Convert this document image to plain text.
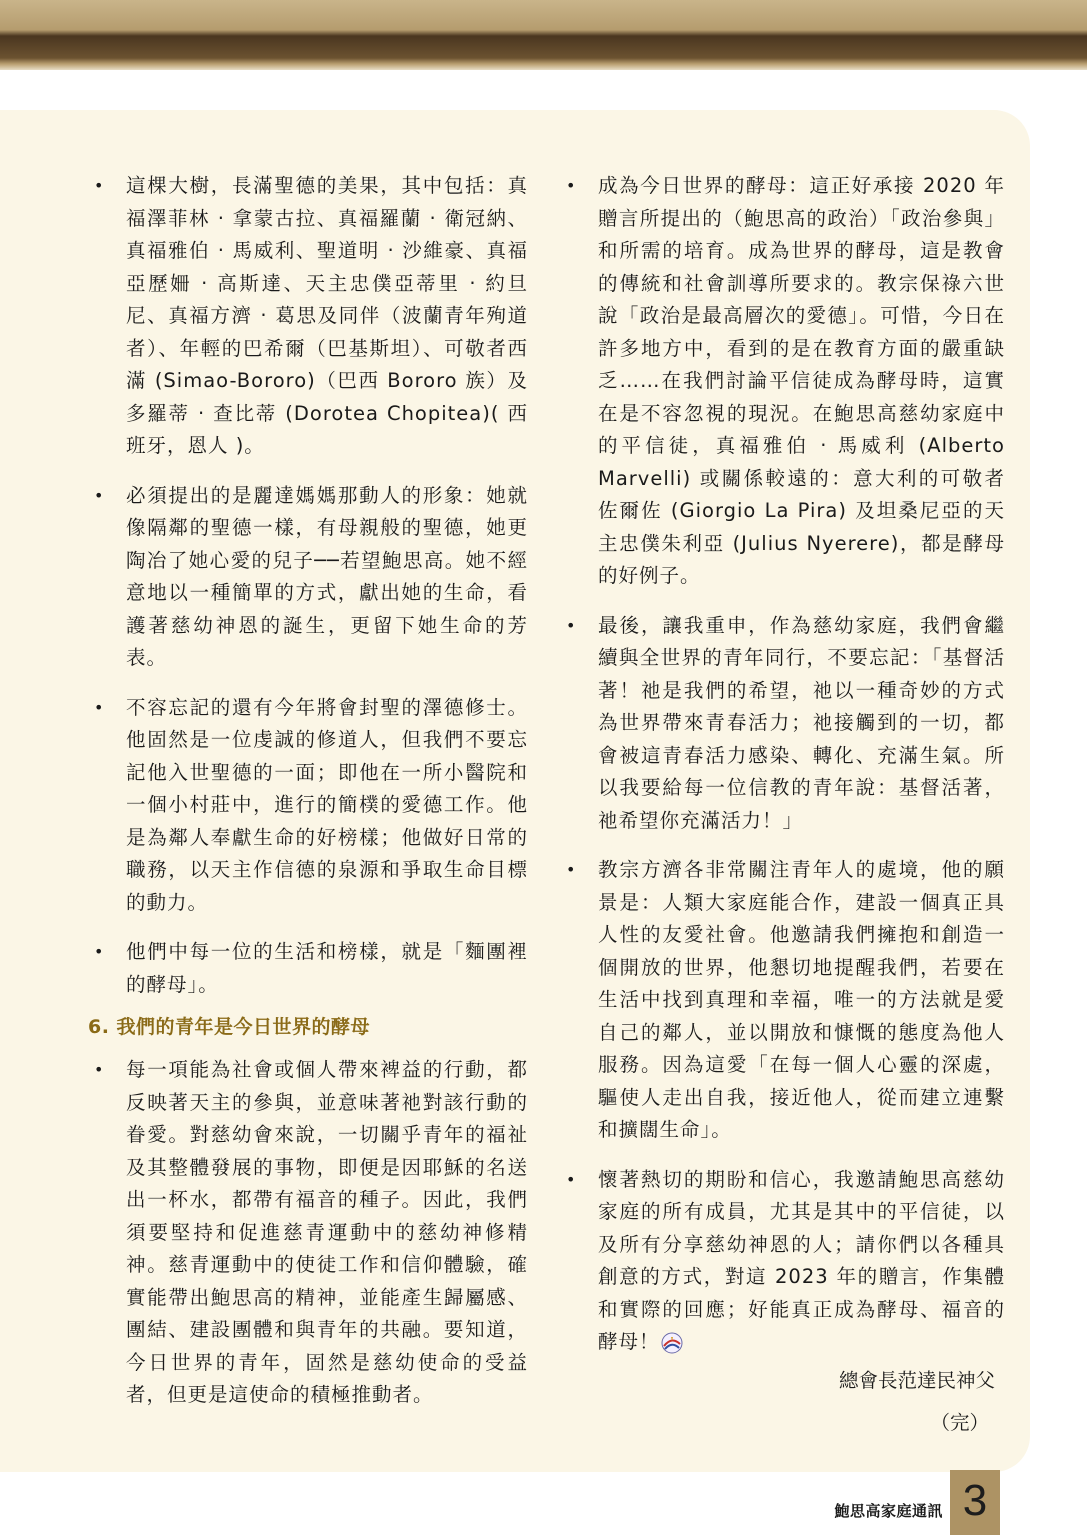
• 這棵大樹，長滿聖德的美果，其中包括：真福澤菲林 ‧ 拿蒙古拉、真福羅蘭 ‧ 衛冠納、真福雅伯 ‧ 馬威利、聖道明 ‧ 沙維豪、真福亞歷姍 ‧ 高斯達、天主忠僕亞蒂里 ‧ 約旦尼、真福方濟 ‧ 葛思及同伴（波蘭青年殉道者）、年輕的巴希爾（巴基斯坦）、可敬者西滿 (Simao-Bororo)（巴西 Bororo 族）及多羅蒂 ‧ 查比蒂 (Dorotea Chopitea)( 西班牙，恩人 )。
• 必須提出的是麗達媽媽那動人的形象：她就像隔鄰的聖德一樣，有母親般的聖德，她更陶冶了她心愛的兒子──若望鮑思高。她不經意地以一種簡單的方式，獻出她的生命，看護著慈幼神恩的誕生，更留下她生命的芳表。
• 不容忘記的還有今年將會封聖的澤德修士。他固然是一位虔誠的修道人，但我們不要忘記他入世聖德的一面；即他在一所小醫院和一個小村莊中，進行的簡樸的愛德工作。他是為鄰人奉獻生命的好榜樣；他做好日常的職務，以天主作信德的泉源和爭取生命目標的動力。
• 他們中每一位的生活和榜樣，就是「麵團裡的酵母」。
6. 我們的青年是今日世界的酵母
• 每一項能為社會或個人帶來裨益的行動，都反映著天主的參與，並意味著祂對該行動的眷愛。對慈幼會來說，一切關乎青年的福祉及其整體發展的事物，即便是因耶穌的名送出一杯水，都帶有福音的種子。因此，我們須要堅持和促進慈青運動中的慈幼神修精神。慈青運動中的使徒工作和信仰體驗，確實能帶出鮑思高的精神，並能產生歸屬感、團結、建設團體和與青年的共融。要知道，今日世界的青年，固然是慈幼使命的受益者，但更是這使命的積極推動者。
• 成為今日世界的酵母：這正好承接 2020 年贈言所提出的（鮑思高的政治）「政治參與」和所需的培育。成為世界的酵母，這是教會的傳統和社會訓導所要求的。教宗保祿六世說「政治是最高層次的愛德」。可惜，今日在許多地方中，看到的是在教育方面的嚴重缺乏……在我們討論平信徒成為酵母時，這實在是不容忽視的現況。在鮑思高慈幼家庭中的平信徒，真福雅伯 ‧ 馬威利 (Alberto Marvelli) 或關係較遠的：意大利的可敬者佐爾佐 (Giorgio La Pira) 及坦桑尼亞的天主忠僕朱利亞 (Julius Nyerere)，都是酵母的好例子。
• 最後，讓我重申，作為慈幼家庭，我們會繼續與全世界的青年同行，不要忘記：「基督活著！祂是我們的希望，祂以一種奇妙的方式為世界帶來青春活力；祂接觸到的一切，都會被這青春活力感染、轉化、充滿生氣。所以我要給每一位信教的青年說：基督活著，祂希望你充滿活力！」
• 教宗方濟各非常關注青年人的處境，他的願景是：人類大家庭能合作，建設一個真正具人性的友愛社會。他邀請我們擁抱和創造一個開放的世界，他懇切地提醒我們，若要在生活中找到真理和幸福，唯一的方法就是愛自己的鄰人，並以開放和慷慨的態度為他人服務。因為這愛「在每一個人心靈的深處，驅使人走出自我，接近他人，從而建立連繫和擴闊生命」。
• 懷著熱切的期盼和信心，我邀請鮑思高慈幼家庭的所有成員，尤其是其中的平信徒，以及所有分享慈幼神恩的人；請你們以各種具創意的方式，對這 2023 年的贈言，作集體和實際的回應；好能真正成為酵母、福音的酵母！
總會長范達民神父
（完）
鮑思高家庭通訊 3
